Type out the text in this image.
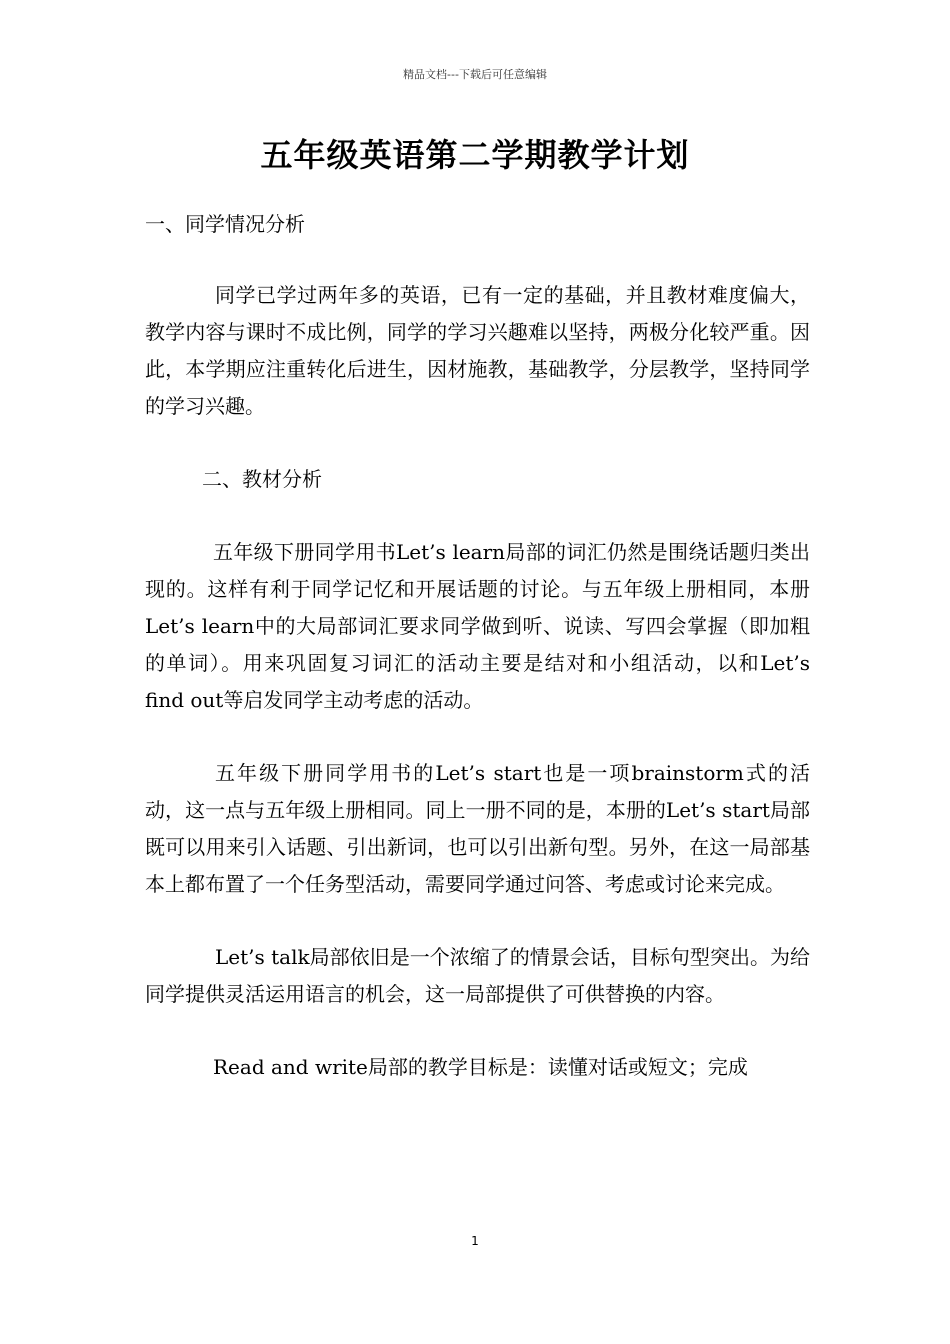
精品文档---下载后可任意编辑
五年级英语第二学期教学计划

一、同学情况分析

同学已学过两年多的英语，已有一定的基础，并且教材难度偏大，教学内容与课时不成比例，同学的学习兴趣难以坚持，两极分化较严重。因此，本学期应注重转化后进生，因材施教，基础教学，分层教学，坚持同学的学习兴趣。

二、教材分析

五年级下册同学用书Let’s learn局部的词汇仍然是围绕话题归类出现的。这样有利于同学记忆和开展话题的讨论。与五年级上册相同，本册Let’s learn中的大局部词汇要求同学做到听、说读、写四会掌握（即加粗的单词）。用来巩固复习词汇的活动主要是结对和小组活动，以和Let’s find out等启发同学主动考虑的活动。

五年级下册同学用书的Let’s start也是一项brainstorm式的活动，这一点与五年级上册相同。同上一册不同的是，本册的Let’s start局部既可以用来引入话题、引出新词，也可以引出新句型。另外，在这一局部基本上都布置了一个任务型活动，需要同学通过问答、考虑或讨论来完成。

Let’s talk局部依旧是一个浓缩了的情景会话，目标句型突出。为给同学提供灵活运用语言的机会，这一局部提供了可供替换的内容。

Read and write局部的教学目标是：读懂对话或短文；完成

1
